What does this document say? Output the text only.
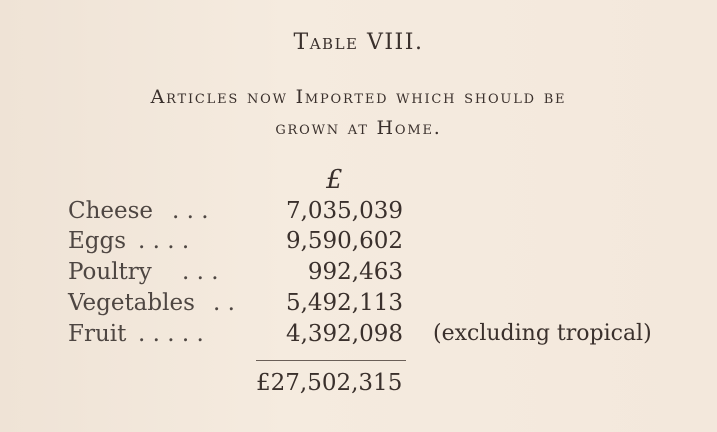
Table VIII.
Articles now Imported which should be
grown at Home.
£
Cheese . . .	7,035,039
Eggs . . . .	9,590,602
Poultry . . .	992,463
Vegetables . . 5,492,113
Fruit . . . . .	4,392,098 (excluding tropical)
£27,502,315
